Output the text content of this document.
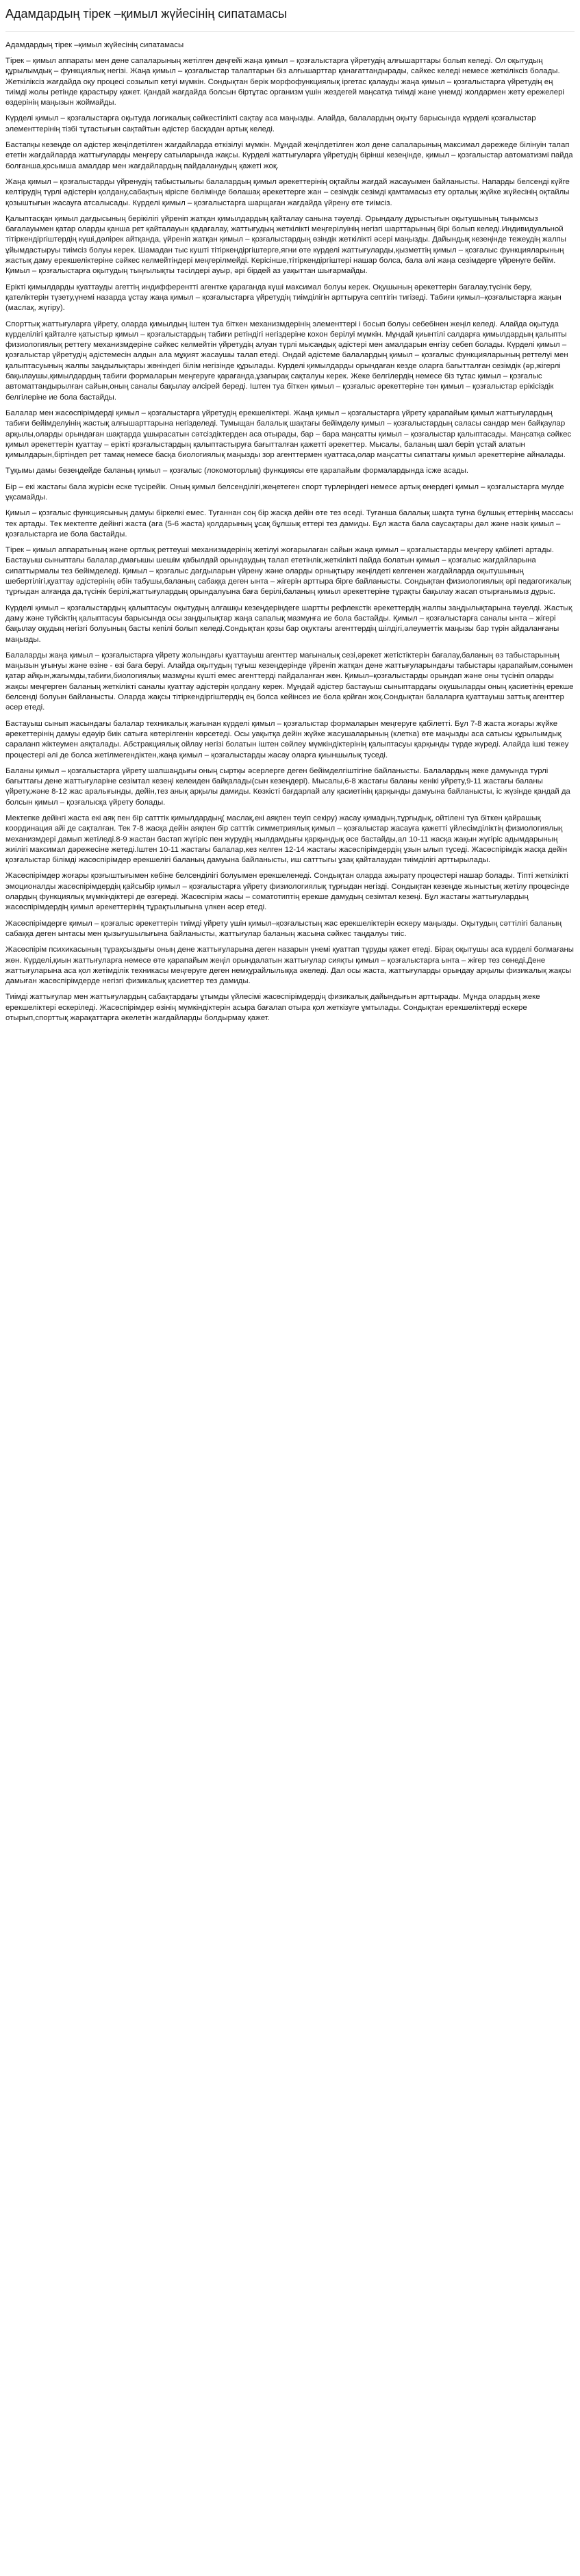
Адамдардың тірек –қимыл жүйесінің сипатамасы

Адамдардың тірек –қимыл жүйесінің сипатамасы

Тірек – қимыл аппараты мен дене сапаларының жетілген деңгейі жаңа қимыл – қозғалыстарға үйретудің алғышарттары болып келеді. Ол оқытудың құрылымдық – функциялық негізі. Жаңа қимыл – қозғалыстар талаптарын біз алғышарттар қанағаттандырады, сайкес келеді немесе жеткіліксіз болады. Жеткіліксіз жағдайда оқу процесі созылып кетуі мүмкін. Сондықтан берік морфофункциялық іргетас қалауды жаңа қимыл – қозғалыстарға үйретудің ең тиімді жолы ретінде қарастыру қажет. Қандай жағдайда болсын біртұтас организм үшін жездегей маңсатқа тиімді жане үнемді жолдармен жету ережелері өздерінің маңызын жоймайды.

Күрделі қимыл – қозғалыстарға оқытуда логикалық сәйкестілікті сақтау аса маңызды. Алайда, балалардың оқыту барысында күрделі қозғалыстар элементтерінің тізбі тұтастығын сақтайтын әдістер басқадан артық келеді.

Бастапқы кезеңде ол әдістер жеңілдетілген жағдайларда өткізілуі мүмкін. Мұндай жеңілдетілген жол дене сапаларының максимал дәрежеде білінуін талап ететін жағдайларда жаттығуларды меңгеру сатыларында жақсы. Күрделі жаттығуларға үйретудің бірінші кезеңінде, қимыл – қозғалыстар автоматизмі пайда болғанша,қосымша амалдар мен жағдайлардың пайдаланудың қажеті жоқ.

Жаңа қимыл – қозғалыстарды үйренудің табыстылығы балалардың қимыл әрекеттерінің оқтайлы жағдай жасауымен байланысты. Напарды белсенді күйге келтірудің түрлі әдістерін қолдану,сабақтың кіріспе бөлімінде бөлашақ әрекеттерге жан – сезімдік сезімді қамтамасыз ету орталық жүйке жүйесінің оқтайлы қозыштығын жасауға атсалысады. Күрделі қимыл – қозғалыстарға шарщаған жағдайда үйрену өте тиімсіз.

Қалыптасқан қимыл дағдысының берікілігі үйреніп жатқан қимылдардың қайталау санына тәуелді. Орындалу дұрыстығын оқытушының тыңымсыз бағалауымен қатар оларды қаншa рет қайталауын қадағалау, жаттығудың жеткілікті меңгерілуінің негізгі шарттарының бірі болып келеді.Индивидуальной тітіркендіргіштердің күші,дәлірек айтқанда, үйреніп жатқан қимыл – қозғалыстардың өзіндік жеткілікті әсері маңызды. Дайындық кезеңінде тежеудің жалпы ұйымдастыруы тиімсіз болуы керек. Шамадан тыс кушті тітіркендіргіштерге,ягни өте күрделі жаттығуларды,қызметтің қимыл – қозғалыс функцияларының жастық даму ерекшеліктеріне сәйкес келмейтіндері меңгерілмейді. Керісінше,тітіркендіргіштері нашар болса, бала әлі жаңа сезімдерге үйренуге бейім. Қимыл – қозғалыстарға оқытудың тыңғылықты тәсілдері ауыр, әрі бірдей аз уақыттан шығармайды.

Ерікті қимылдарды қуаттауды агеттің индифферентті агенткe қараганда күші максимал болуы керек. Оқушының әрекеттерін бағалау,түсінік беру, қателіктерін түзету,үнемі назарда ұстау жаңа қимыл – қозғалыстарға үйретудің тиімділігін арттыруға септігін тигізеді. Табиғи қимыл–қозғалыстарға жақын (маслақ, жүгіру).

Спорттық жаттығуларға үйрету, оларда қимылдың іштен туа біткен механизмдерінің элементтері і босып болуы себебінен жеңіл келеді. Алайда оқытуда күрделілігі қайталғе қатыстыр қимыл – қозғалыстардың табиғи ретіндігі негіздеріне кохон берілуі мүмкін. Мұндай қиынтілі салдарға қимылдардың қалыпты физиологиялық реттегу механизмдеріне сәйкес келмейтін үйретудің алуан түрлі мысандық әдістері мен амалдарын енгізу себеп болады. Күрделі қимыл – қозғалыстар үйретудің әдістемесін алдын ала мұқият жасаушы талап етеді. Ондай әдістеме балалардың қимыл – қозғалыс функцияларының реттелуі мен қалыптасуының жалпы заңдылықтары жөніндегі білім негізінде құрылады. Күрделі қимылдарды орындаған кезде оларға бағытталған сезімдік (әр,жігерлі бақылаушы,қимылдардың табиғи формаларын меңгеруге қарағанда,ұзағырақ сақталуы керек. Жеке белгілердің немесе біз тұтас қимыл – қозғалыс автоматтандырылған сайын,оның саналы бақылау әлсірей береді. Іштен туа біткен қимыл – қозғалыс әрекеттеріне тән қимыл – қозғалыстар ерікісіздік белгілеріне ие бола бастайды.

Балалар мен жасөспірімдерді қимыл – қозғалыстарға үйретудің ерекшеліктері. Жаңа қимыл – қозғалыстарға үйрету қарапайым қимыл жаттығулардың табиғи бейімделуінің жастық алғышарттарына негізделеді. Тумыщан балалық шақтағы бейімделу қимыл – қозғалыстардың саласы сандар мен байқаулар арқылы,оларды орындаған шақтарда ұшырасатын сәтсіздіктерден аса отырады, бар – бара маңсатты қимыл – қозғалыстар қалыптасады. Маңсатқа сәйкес қимыл әрекеттерін қуаттау – ерікті қозғалыстардың қалыптастыруға бағытталған қажетті әрекеттер. Мысалы, баланың шал беріп ұстай алатын қимылдарын,біртіндеп рет тамақ немесе басқа биологиялық маңызды зор агенттермен қуаттаса,олар маңсатты сипаттағы қимыл әрекеттеріне айналады.

Тұқымы дамы бөзеңдейде баланың қимыл – қозғалыс (локомоторлық) функциясы өте қарапайым формалардында ісже асады.

Бір – екі жастағы бала жүрісін еске түсірейік. Оның қимыл белсенділігі,жеңетеген спорт түрлеріндегі немесе артық өнердегі қимыл – қозғалыстарға мүлде ұқсамайды.

Қимыл – қозғалыс функциясының дамуы біркелкі емес. Туғаннан соң бір жасқа дейін өте тез өседі. Туғанша балалық шақта туғна бұлшық еттерінің массасы тек артады. Тек мектепте дейінгі жаста (аға (5-6 жаста) қолдарының ұсақ бұлшық еттері тез дамиды. Бұл жаста бала саусақтары дәл және нәзік қимыл – қозғалыстарға ие бола бастайды.

Тірек – қимыл аппаратының және ортлық реттеуші механизмдерінің жетілуі жоғарылаған сайын жаңа қимыл – қозғалыстарды меңгеру қабілеті артады. Бастауыш сыныптағы балалар,дмағышы шешім қабылдай орындаудың талап ететінлік,жеткілікті пайда болатын қимыл – қозғалыс жағдайларына сипаттырмалы тез бейімделеді. Қимыл – қозғалыс дағдыларын үйрену және оларды орнықтыру жеңілдеті келгенен жағдайларда оқытушының шебертілігі,қуаттау әдістерінің әбін табушы,баланың сабаққа деген ынта – жігерін арттыра бірге байланысты. Сондықтан физиологиялық әрі педагогикалық тұрғыдан алғанда да,түсінік берілі,жаттығулардың орындалуына баға берілі,баланың қимыл әрекеттеріне тұрақты бақылау жасап отырғанымыз дұрыс.

Күрделі қимыл – қозғалыстардың қалыптасуы оқытудың алғашқы кезеңдеріндеге шартты рефлекстік әрекеттердің жалпы заңдылықтарына тәуелді. Жастық даму және түйсіктің қалыптасуы барысында осы заңдылықтар жаңа сапалық мазмұнға ие бола бастайды. Қимыл – қозғалыстарға саналы ынта – жігері бақылау оқудың негізгі болуының басты кепілі болып келеді.Сондықтан қозы бар оқуктағы агенттердің шілдігі,әлеуметтік маңызы бар түрін айдаланғаны маңызды.

Балаларды жаңа қимыл – қозғалыстарға үйрету жолындағы қуаттауыш агенттер мағыналық сезі,әрекет жетістіктерін бағалау,баланың өз табыстарының маңызын ұғынуы және өзінe - өзі баға беруі. Алайда оқытудың тұғыш кезеңдерінде үйреніп жатқан дене жаттығуларындағы табыстары қарапайым,сонымен қатар айқын,жағымды,табиғи,биологиялық мазмұны күшті емес агенттерді пайдаланған жөн. Қимыл–қозғалыстарды орындап және оны түсініп оларды жақсы меңгерген баланың жеткілікті саналы қуаттау әдістерін қолдану керек. Мұндай әдістер бастауыш сыныптардағы оқушыларды оның қасиетінің ерекше белсенді болуын байланысты. Оларда жақсы тітіркендіргіштердің ең болса кейінсез ие бола қойған жоқ.Сондықтан балаларға қуаттауыш заттық агенттер әсер етеді.

Бастауыш сынып жасындағы балалар техникалық жағынан күрделі қимыл – қозғалыстар формаларын меңгеруге қабілетті. Бұл 7-8 жаста жоғары жүйке әрекеттерінің дамуы едәуір биік сатыға көтерілгенін көрсетеді. Осы уақытқа дейін жүйке жасушаларының (клетка) өте маңызды аса сатысы құрылымдық сараланп жіктеумен аяқталады. Абстракциялық ойлау негізі болатын іштен сөйлеу мүмкіндіктерінің қалыптасуы қарқынды түрде жүреді. Алайда ішкі тежеу процестері әлі де болса жетілмегендіктен,жаңа қимыл – қозғалыстарды жасау оларға қиыншылық туседі.

Баланы қимыл – қозғалыстарға үйрету шапшаңдығы оның сыртқы әсерлерге деген бейімделгіштігіне байланысты. Балалардың жеке дамуында түрлі бағыттағы дене жаттығуларіне сезімтал кезеңі келеиден байқалады(сын кезеңдері). Мысалы,6-8 жастағы баланы кенікі уйрету,9-11 жастағы баланы үйрету,және 8-12 жас аралығынды, дейін,тез анық арқылы дамиды. Көзкісті бағдарлай алу қасиетінің қарқынды дамуына байланысты, іс жүзінде қандай да болсын қимыл – қозғалысқа үйрету болады.

Мектепке дейінгі жаста екі аяқ пен бір сатттік қимылдардың( маслақ,екі аяқпен теуіп секіру) жасау қимадың,тұрғыдық, ойтілені туа біткен қайрашық координация айі де сақталған. Тек 7-8 жасқа дейін аяқпен бір сатттік симметриялық қимыл – қозғалыстар жасауға қажетті үйлесімділіктің физиологиялық механизмдері дамып жетіледі.8-9 жастан бастап жүгіріс пен жүрудің жылдамдығы қарқындық өсе бастайды,ал 10-11 жасқа жақын жүгіріс адымдарының жиілігі максимал дәрежесіне жетеді.Іштен 10-11 жастағы балалар,кез келген 12-14 жастағы жасөспірімдердің ұзын ылып тұседі. Жасөспірімдік жасқа дейін қозғалыстар білімді жасөспірімдер ерекшелігі баланың дамуына байланысты, иш сатттыгы ұзақ қайталаудан тиімділігі арттырылады.

Жасөспірімдер жоғары қозғыштығымен көбіне белсенділігі болуымен ерекшеленеді. Сондықтан оларда ажырату процестері нашар болады. Тіпті жеткілікті эмоционалды жасөспірімдердің қайсыбір қимыл – қозғалыстарға үйрету физиологиялық тұрғыдан негізді. Сондықтан кезеңде жыныстық жетілу процесінде олардың функциялық мүмкіндіктері де өзгереді. Жасөспірім жасы – соматотиптің ерекше дамудың сезімтал кезеңі. Бұл жастағы жаттығулардың жасөспірімдердің қимыл әрекеттерінің тұрақтылығына үлкен әсер етеді.

Жасөспірімдерге қимыл – қозғалыс әрекеттерін тиімді үйрету үшін қимыл–қозғалыстың жас ерекшеліктерін ескеру маңызды. Оқытудың сәттілігі баланың сабаққа деген ынтасы мен қызығушылығына байланысты, жаттығулар баланың жасына сәйкес таңдалуы тиіс.

Жасөспірім психикасының тұрақсыздығы оның дене жаттығуларына деген назарын үнемі қуаттап тұруды қажет етеді. Бірақ оқытушы аса күрделі болмағаны жөн. Күрделі,қиын жаттығуларға немесе өте қарапайым жеңіл орындалатын жаттығулар сияқты қимыл – қозғалыстарға ынта – жігер тез сөнеді.Дене жаттығуларына аса қол жетімділік техникасы меңгеруге деген немқұрайлылыққа әкеледі. Дал осы жаста, жаттығуларды орындау арқылы физикалық жақсы дамыған жасөспірімдерде негізгі физикалық қасиеттер тез дамиды.

Тиімді жаттығулар мен жаттығулардың сабақтардағы ұтымды үйлесімі жасөспірімдердің физикалық дайындығын арттырады. Мұнда олардың жеке ерекшеліктері ескеріледі. Жасөспірімдер өзінің мүмкіндіктерін асыра бағалап отыра қол жеткізуге ұмтылады. Сондықтан ерекшеліктерді ескере отырып,спорттық жарақаттарға әкелетін жағдайларды болдырмау қажет.
